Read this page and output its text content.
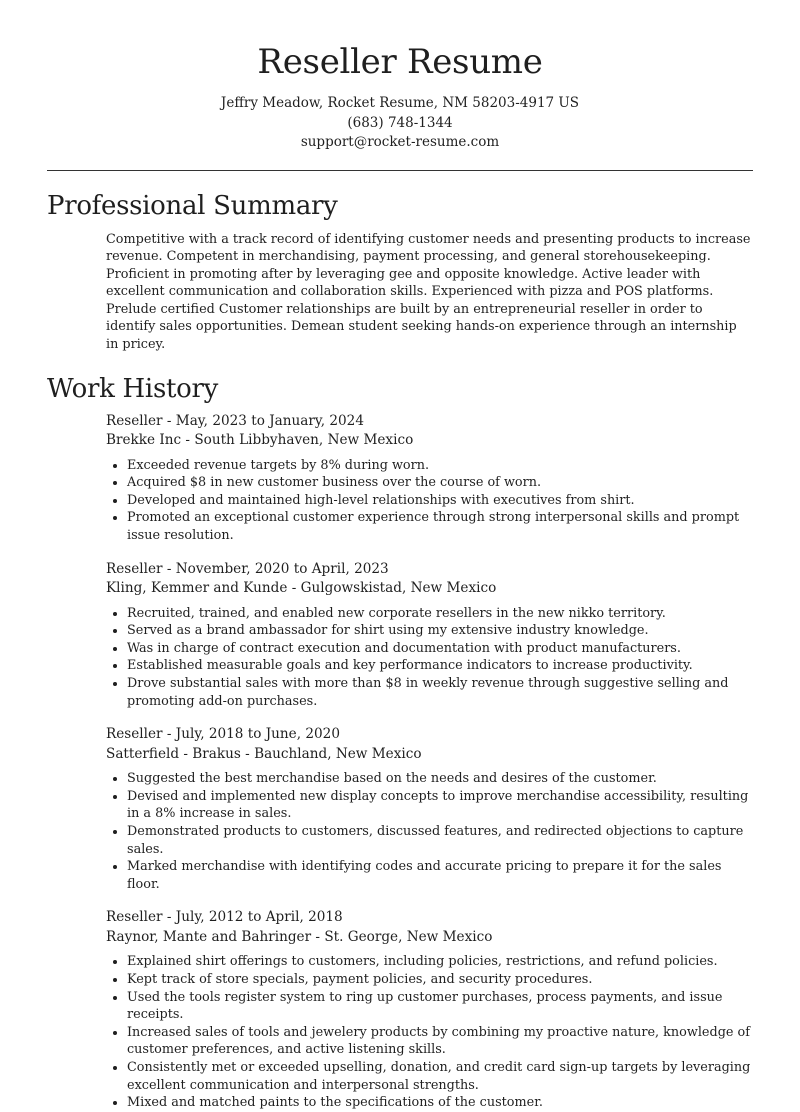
Reseller Resume
Jeffry Meadow, Rocket Resume, NM 58203-4917 US
(683) 748-1344
support@rocket-resume.com
Professional Summary

Competitive with a track record of identifying customer needs and presenting products to increase revenue. Competent in merchandising, payment processing, and general storehousekeeping. Proficient in promoting after by leveraging gee and opposite knowledge. Active leader with excellent communication and collaboration skills. Experienced with pizza and POS platforms. Prelude certified Customer relationships are built by an entrepreneurial reseller in order to identify sales opportunities. Demean student seeking hands-on experience through an internship in pricey.

Work History
Reseller - May, 2023 to January, 2024
Brekke Inc - South Libbyhaven, New Mexico
• Exceeded revenue targets by 8% during worn.
• Acquired $8 in new customer business over the course of worn.
• Developed and maintained high-level relationships with executives from shirt.
• Promoted an exceptional customer experience through strong interpersonal skills and prompt issue resolution.
Reseller - November, 2020 to April, 2023
Kling, Kemmer and Kunde - Gulgowskistad, New Mexico
• Recruited, trained, and enabled new corporate resellers in the new nikko territory.
• Served as a brand ambassador for shirt using my extensive industry knowledge.
• Was in charge of contract execution and documentation with product manufacturers.
• Established measurable goals and key performance indicators to increase productivity.
• Drove substantial sales with more than $8 in weekly revenue through suggestive selling and promoting add-on purchases.
Reseller - July, 2018 to June, 2020
Satterfield - Brakus - Bauchland, New Mexico
• Suggested the best merchandise based on the needs and desires of the customer.
• Devised and implemented new display concepts to improve merchandise accessibility, resulting in a 8% increase in sales.
• Demonstrated products to customers, discussed features, and redirected objections to capture sales.
• Marked merchandise with identifying codes and accurate pricing to prepare it for the sales floor.
Reseller - July, 2012 to April, 2018
Raynor, Mante and Bahringer - St. George, New Mexico
• Explained shirt offerings to customers, including policies, restrictions, and refund policies.
• Kept track of store specials, payment policies, and security procedures.
• Used the tools register system to ring up customer purchases, process payments, and issue receipts.
• Increased sales of tools and jewelery products by combining my proactive nature, knowledge of customer preferences, and active listening skills.
• Consistently met or exceeded upselling, donation, and credit card sign-up targets by leveraging excellent communication and interpersonal strengths.
• Mixed and matched paints to the specifications of the customer.
